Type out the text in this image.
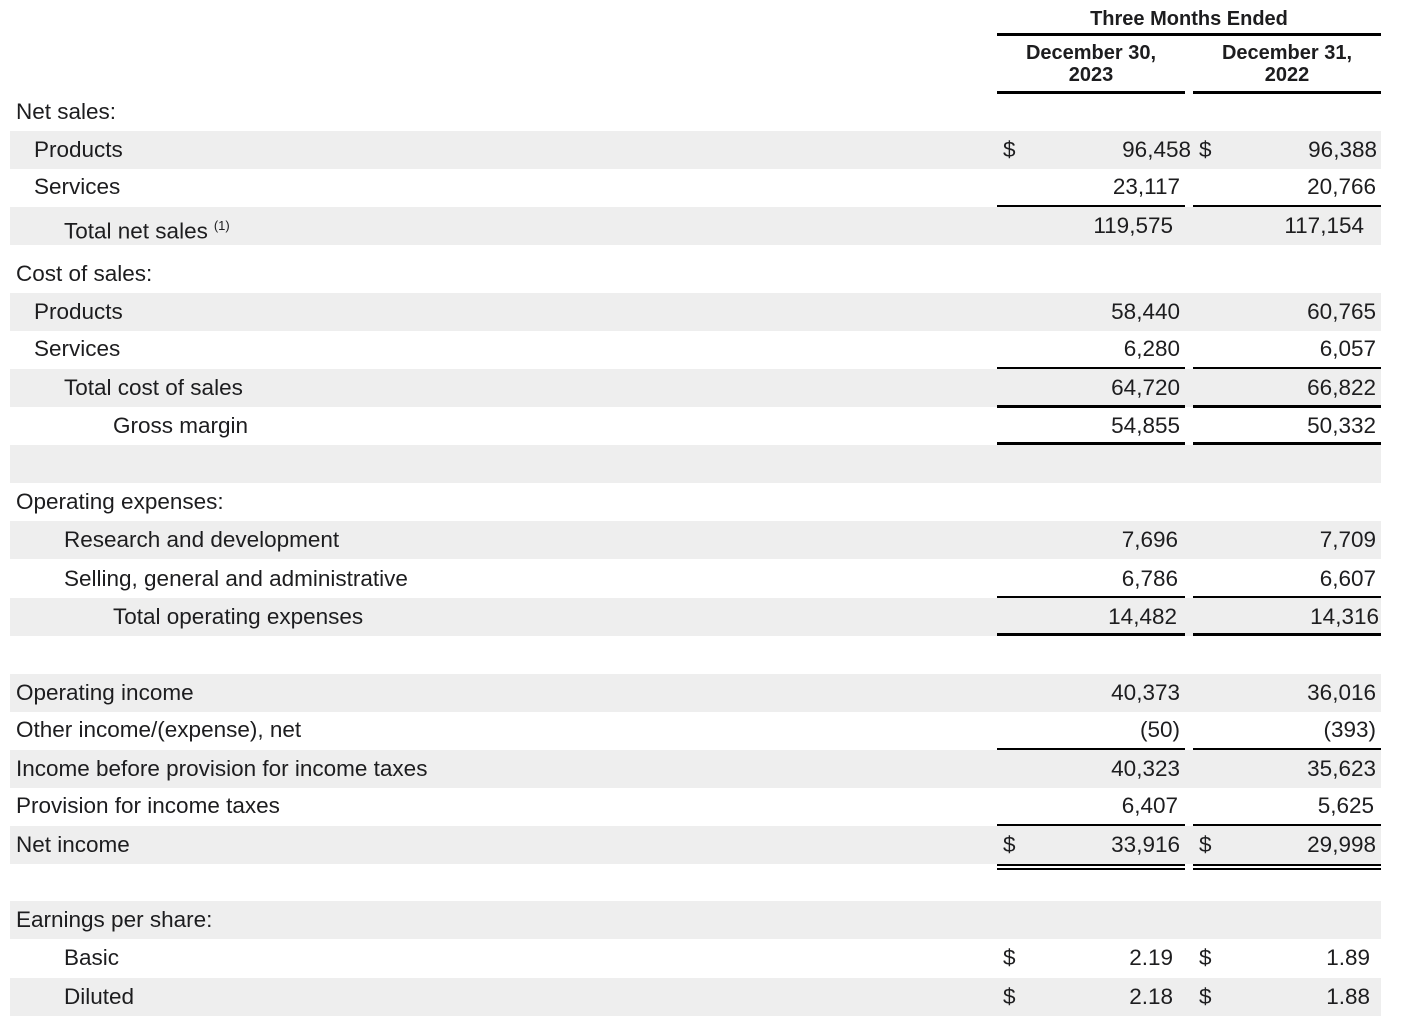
Three Months Ended
December 30,
2023
December 31,
2022
Net sales:
Products	$	96,458 $	96,388
Services	23,117	20,766
Total net sales $^{(1)}$	119,575	117,154
Cost of sales:
Products	58,440	60,765
Services	6,280	6,057
Total cost of sales	64,720	66,822
Gross margin	54,855	50,332
Operating expenses:
Research and development	7,696	7,709
Selling, general and administrative	6,786	6,607
Total operating expenses	14,482	14,316
Operating income	40,373	36,016
Other income/(expense), net	(50)	(393)
Income before provision for income taxes	40,323	35,623
Provision for income taxes	6,407	5,625
Net income	$	33,916 $	29,998
Earnings per share:
Basic	$	2.19 $	1.89
Diluted	$	2.18 $	1.88
